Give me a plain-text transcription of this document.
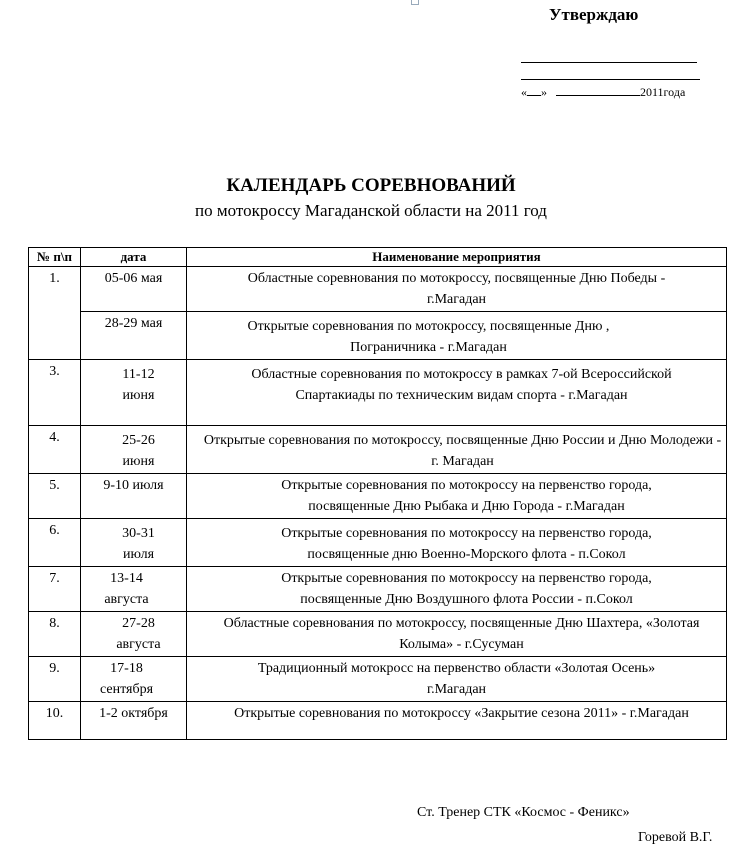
Утверждаю
« »	2011года
КАЛЕНДАРЬ СОРЕВНОВАНИЙ
по мотокроссу Магаданской области на 2011 год
№ п\п	дата	Наименование мероприятия
1.	05-06 мая	Областные соревнования по мотокроссу, посвященные Дню Победы - г.Магадан
	28-29 мая	Открытые соревнования по мотокроссу, посвященные Дню , Пограничника - г.Магадан
3.	11-12 июня	Областные соревнования по мотокроссу в рамках 7-ой Всероссийской Спартакиады по техническим видам спорта - г.Магадан
4.	25-26 июня	Открытые соревнования по мотокроссу, посвященные Дню России и Дню Молодежи - г. Магадан
5.	9-10 июля	Открытые соревнования по мотокроссу на первенство города, посвященные Дню Рыбака и Дню Города - г.Магадан
6.	30-31 июля	Открытые соревнования по мотокроссу на первенство города, посвященные дню Военно-Морского флота - п.Сокол
7.	13-14 августа	Открытые соревнования по мотокроссу на первенство города, посвященные Дню Воздушного флота России - п.Сокол
8.	27-28 августа	Областные соревнования по мотокроссу, посвященные Дню Шахтера, «Золотая Колыма» - г.Сусуман
9.	17-18 сентября	Традиционный мотокросс на первенство области «Золотая Осень» г.Магадан
10.	1-2 октября	Открытые соревнования по мотокроссу «Закрытие сезона 2011» - г.Магадан
Ст. Тренер СТК «Космос - Феникс»
Горевой В.Г.
